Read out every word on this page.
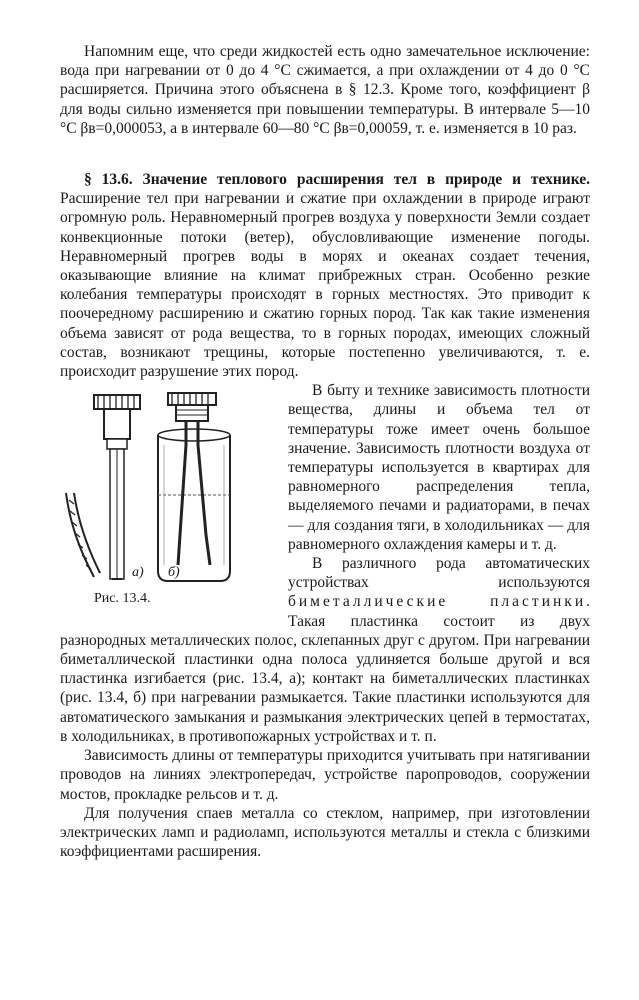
Напомним еще, что среди жидкостей есть одно замечательное исключение: вода при нагревании от 0 до 4 °C сжимается, а при охлаждении от 4 до 0 °C расширяется. Причина этого объяснена в § 12.3. Кроме того, коэффициент β для воды сильно изменяется при повышении температуры. В интервале 5—10 °C βв=0,000053, а в интервале 60—80 °C βв=0,00059, т. е. изменяется в 10 раз.

§ 13.6. Значение теплового расширения тел в природе и технике. Расширение тел при нагревании и сжатие при охлаждении в природе играют огромную роль. Неравномерный прогрев воздуха у поверхности Земли создает конвекционные потоки (ветер), обусловливающие изменение погоды. Неравномерный прогрев воды в морях и океанах создает течения, оказывающие влияние на климат прибрежных стран. Особенно резкие колебания температуры происходят в горных местностях. Это приводит к поочередному расширению и сжатию горных пород. Так как такие изменения объема зависят от рода вещества, то в горных породах, имеющих сложный состав, возникают трещины, которые постепенно увеличиваются, т. е. происходит разрушение этих пород.

а) б)
Рис. 13.4.

В быту и технике зависимость плотности вещества, длины и объема тел от температуры тоже имеет очень большое значение. Зависимость плотности воздуха от температуры используется в квартирах для равномерного распределения тепла, выделяемого печами и радиаторами, в печах — для создания тяги, в холодильниках — для равномерного охлаждения камеры и т. д.

В различного рода автоматических устройствах используются биметаллические пластинки. Такая пластинка состоит из двух разнородных металлических полос, склепанных друг с другом. При нагревании биметаллической пластинки одна полоса удлиняется больше другой и вся пластинка изгибается (рис. 13.4, а); контакт на биметаллических пластинках (рис. 13.4, б) при нагревании размыкается. Такие пластинки используются для автоматического замыкания и размыкания электрических цепей в термостатах, в холодильниках, в противопожарных устройствах и т. п.

Зависимость длины от температуры приходится учитывать при натягивании проводов на линиях электропередач, устройстве паропроводов, сооружении мостов, прокладке рельсов и т. д.

Для получения спаев металла со стеклом, например, при изготовлении электрических ламп и радиоламп, используются металлы и стекла с близкими коэффициентами расширения.
